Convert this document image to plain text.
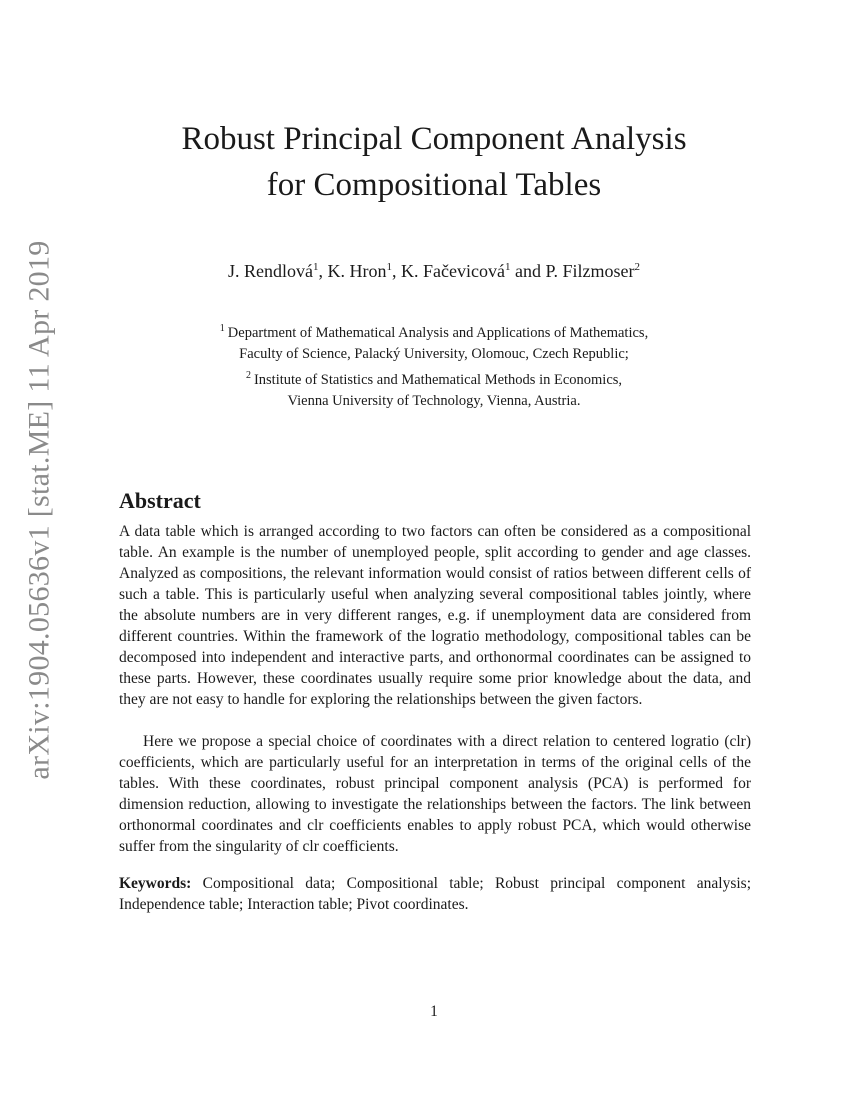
arXiv:1904.05636v1 [stat.ME] 11 Apr 2019
Robust Principal Component Analysis
for Compositional Tables
J. Rendlová$^1$, K. Hron$^1$, K. Fačevicová$^1$ and P. Filzmoser$^2$
$^1$ Department of Mathematical Analysis and Applications of Mathematics,
Faculty of Science, Palacký University, Olomouc, Czech Republic;
$^2$ Institute of Statistics and Mathematical Methods in Economics,
Vienna University of Technology, Vienna, Austria.
Abstract

A data table which is arranged according to two factors can often be considered as a compositional table. An example is the number of unemployed people, split according to gender and age classes. Analyzed as compositions, the relevant information would consist of ratios between different cells of such a table. This is particularly useful when analyzing several compositional tables jointly, where the absolute numbers are in very different ranges, e.g. if unemployment data are considered from different countries. Within the framework of the logratio methodology, compositional tables can be decomposed into independent and interactive parts, and orthonormal coordinates can be assigned to these parts. However, these coordinates usually require some prior knowledge about the data, and they are not easy to handle for exploring the relationships between the given factors.

Here we propose a special choice of coordinates with a direct relation to centered logratio (clr) coefficients, which are particularly useful for an interpretation in terms of the original cells of the tables. With these coordinates, robust principal component analysis (PCA) is performed for dimension reduction, allowing to investigate the relationships between the factors. The link between orthonormal coordinates and clr coefficients enables to apply robust PCA, which would otherwise suffer from the singularity of clr coefficients.

Keywords: Compositional data; Compositional table; Robust principal component analysis; Independence table; Interaction table; Pivot coordinates.

1
